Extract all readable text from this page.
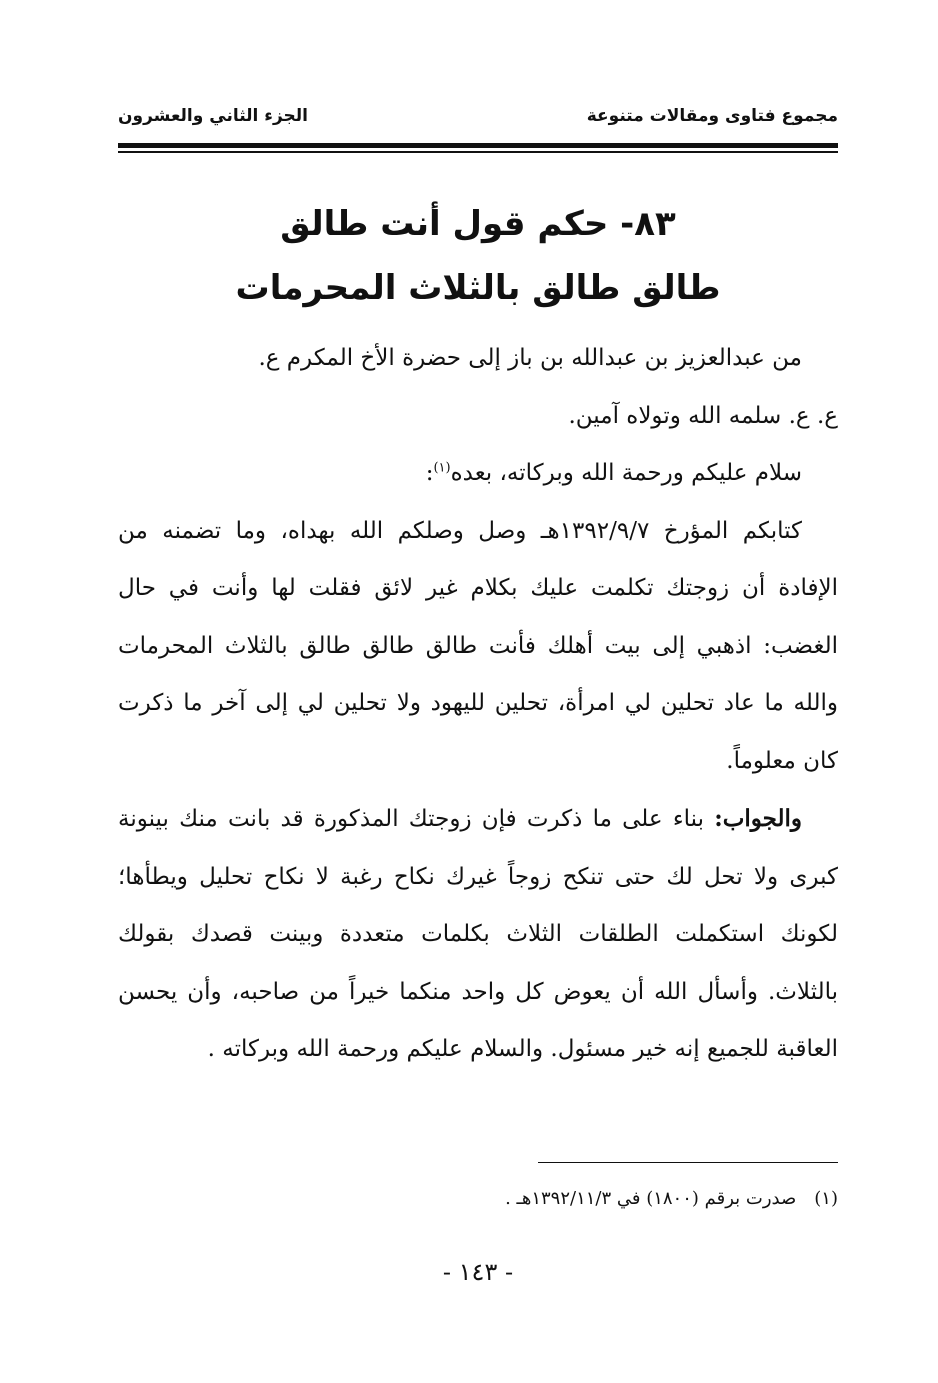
مجموع فتاوى ومقالات متنوعة
الجزء الثاني والعشرون
٨٣- حكم قول أنت طالق
طالق طالق بالثلاث المحرمات

من عبدالعزيز بن عبدالله بن باز إلى حضرة الأخ المكرم ع.

ع. ع. سلمه الله وتولاه آمين.

سلام عليكم ورحمة الله وبركاته، بعده$^{(١)}$:

كتابكم المؤرخ ١٣٩٢/٩/٧هـ وصل وصلكم الله بهداه، وما تضمنه من الإفادة أن زوجتك تكلمت عليك بكلام غير لائق فقلت لها وأنت في حال الغضب: اذهبي إلى بيت أهلك فأنت طالق طالق طالق بالثلاث المحرمات والله ما عاد تحلين لي امرأة، تحلين لليهود ولا تحلين لي إلى آخر ما ذكرت كان معلوماً.

والجواب: بناء على ما ذكرت فإن زوجتك المذكورة قد بانت منك بينونة كبرى ولا تحل لك حتى تنكح زوجاً غيرك نكاح رغبة لا نكاح تحليل ويطأها؛ لكونك استكملت الطلقات الثلاث بكلمات متعددة وبينت قصدك بقولك بالثلاث. وأسأل الله أن يعوض كل واحد منكما خيراً من صاحبه، وأن يحسن العاقبة للجميع إنه خير مسئول. والسلام عليكم ورحمة الله وبركاته .

(١)صدرت برقم (١٨٠٠) في ١٣٩٢/١١/٣هـ .
- ١٤٣ -
